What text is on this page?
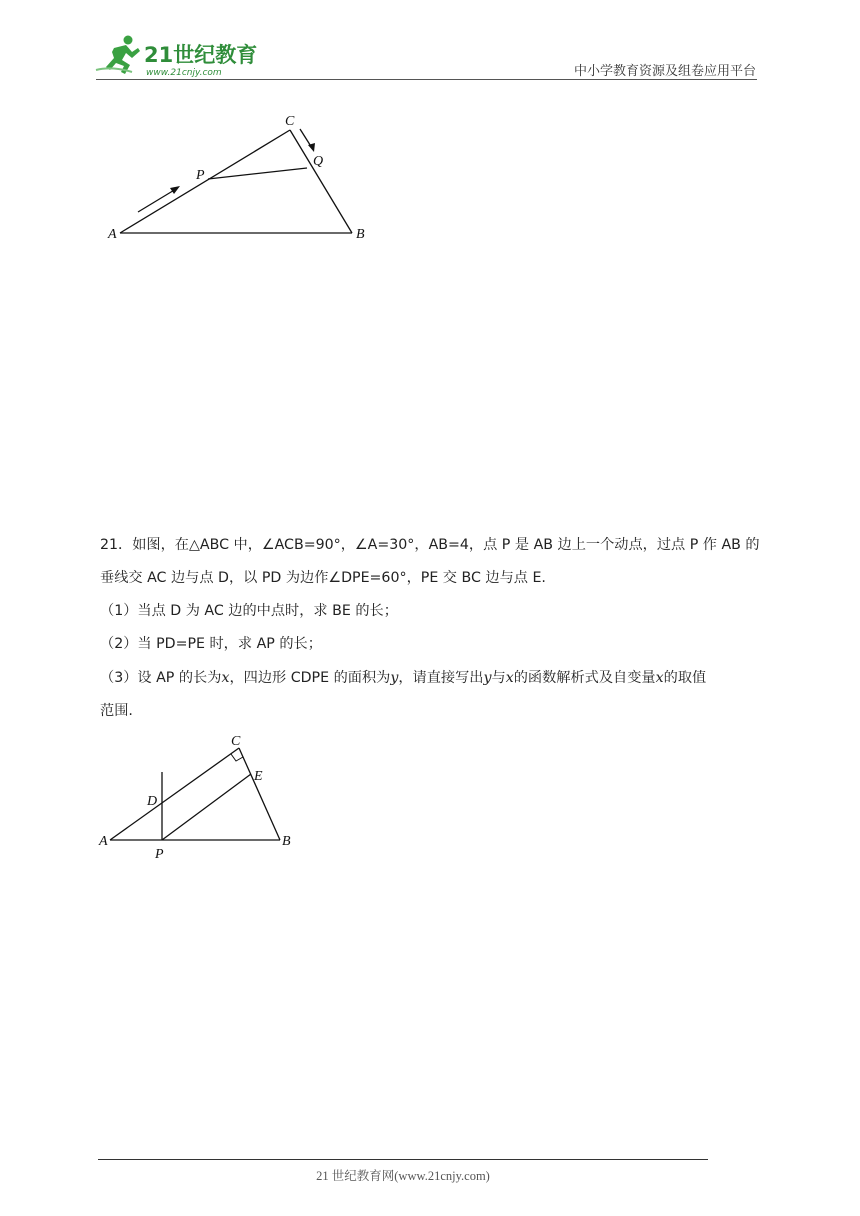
21世纪教育
www.21cnjy.com	中小学教育资源及组卷应用平台
A	B
C
P
Q
21．如图，在△ABC 中，∠ACB=90°，∠A=30°，AB=4，点 P 是 AB 边上一个动点，过点 P 作 AB 的
垂线交 AC 边与点 D，以 PD 为边作∠DPE=60°，PE 交 BC 边与点 E.
（1）当点 D 为 AC 边的中点时，求 BE 的长；
（2）当 PD=PE 时，求 AP 的长；
（3）设 AP 的长为x，四边形 CDPE 的面积为y，请直接写出y与x的函数解析式及自变量x的取值
范围.
A	B
C
D
E
P
21 世纪教育网(www.21cnjy.com)
